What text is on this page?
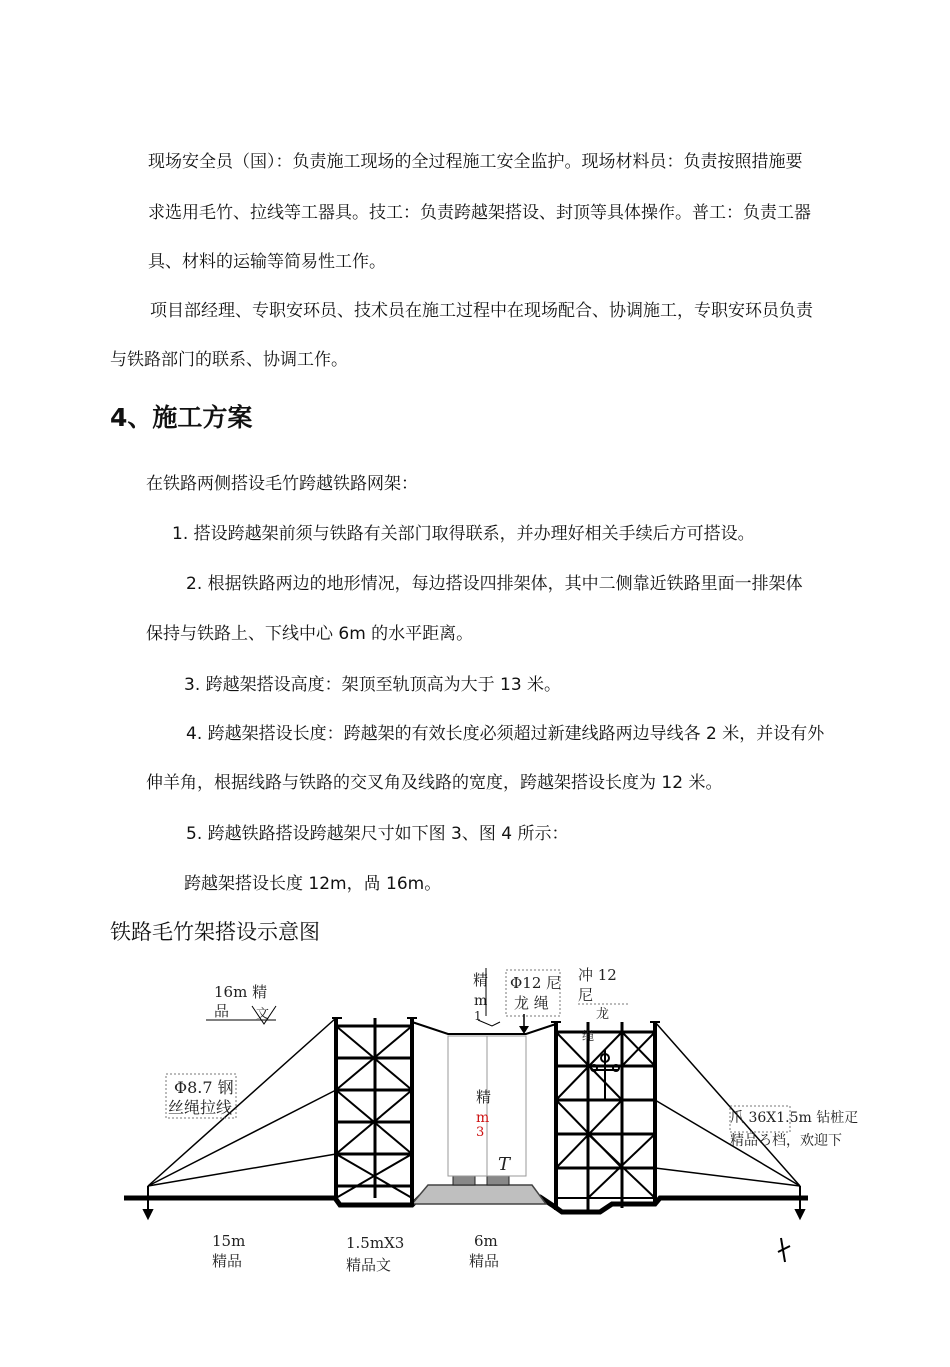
现场安全员（国）：负责施工现场的全过程施工安全监护。现场材料员：负责按照措施要

求选用毛竹、拉线等工器具。技工：负责跨越架搭设、封顶等具体操作。普工：负责工器

具、材料的运输等简易性工作。

项目部经理、专职安环员、技术员在施工过程中在现场配合、协调施工，专职安环员负责

与铁路部门的联系、协调工作。

4、施工方案

在铁路两侧搭设毛竹跨越铁路网架：

1. 搭设跨越架前须与铁路有关部门取得联系，并办理好相关手续后方可搭设。

2. 根据铁路两边的地形情况，每边搭设四排架体，其中二侧靠近铁路里面一排架体

保持与铁路上、下线中心 6m 的水平距离。

3. 跨越架搭设高度：架顶至轨顶高为大于 13 米。

4. 跨越架搭设长度：跨越架的有效长度必须超过新建线路两边导线各 2 米，并设有外

伸羊角，根据线路与铁路的交叉角及线路的宽度，跨越架搭设长度为 12 米。

5. 跨越铁路搭设跨越架尺寸如下图 3、图 4 所示：

跨越架搭设长度 12m，咼 16m。

铁路毛竹架搭设示意图

16m 精
品 文
Φ8.7 钢
丝绳拉线
精
m
1
Φ12 尼
龙 绳
冲 12
尼
龙
绳
精
m
3
T
爪 36X1.5m 钻桩疋
精品ろ档，欢迎下
15m
精品
1.5mX3
精品文
6m
精品
